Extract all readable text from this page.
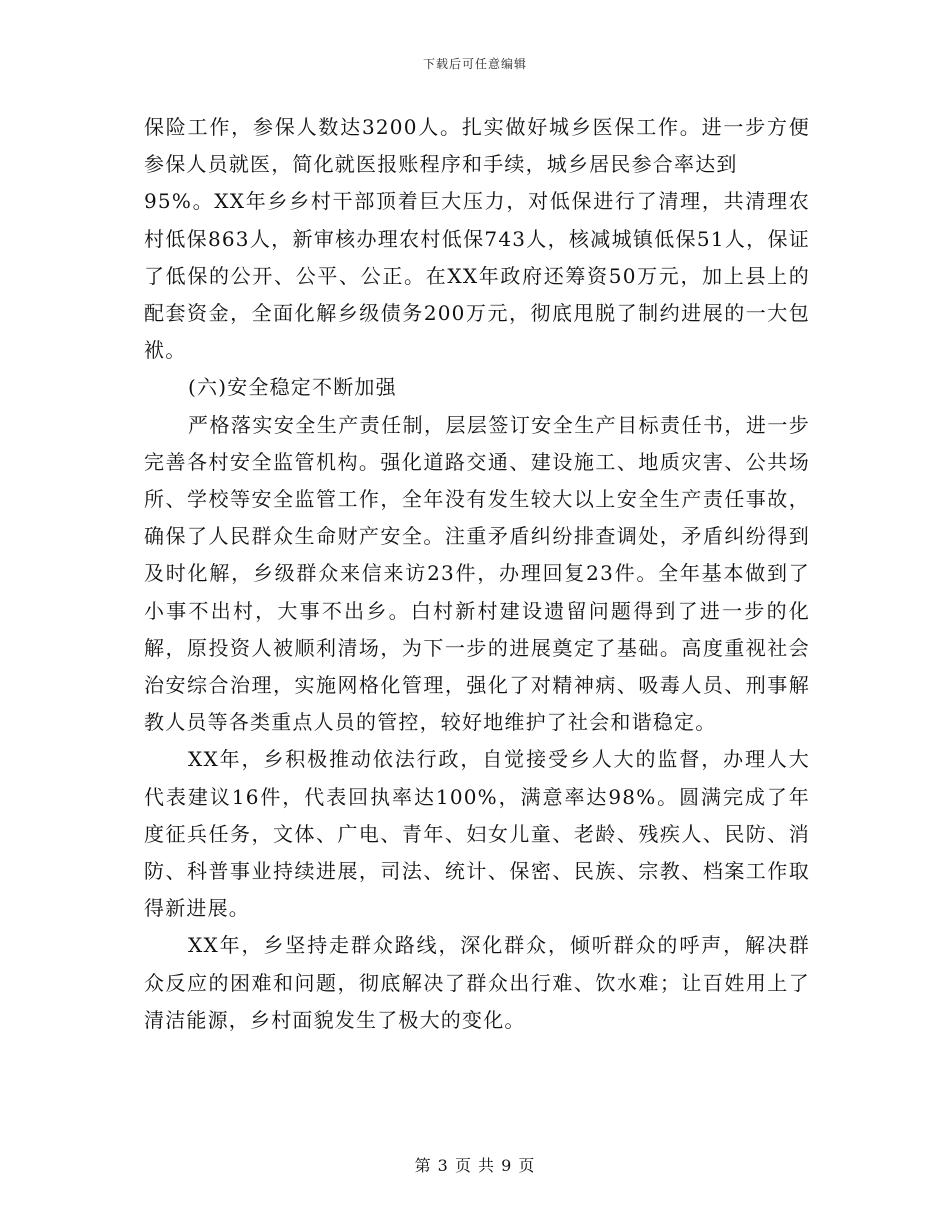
下载后可任意编辑

保险工作，参保人数达3200人。扎实做好城乡医保工作。进一步方便参保人员就医，简化就医报账程序和手续，城乡居民参合率达到
95%。XX年乡乡村干部顶着巨大压力，对低保进行了清理，共清理农村低保863人，新审核办理农村低保743人，核减城镇低保51人，保证了低保的公开、公平、公正。在XX年政府还筹资50万元，加上县上的配套资金，全面化解乡级债务200万元，彻底甩脱了制约进展的一大包袱。

(六)安全稳定不断加强

严格落实安全生产责任制，层层签订安全生产目标责任书，进一步完善各村安全监管机构。强化道路交通、建设施工、地质灾害、公共场所、学校等安全监管工作，全年没有发生较大以上安全生产责任事故，确保了人民群众生命财产安全。注重矛盾纠纷排查调处，矛盾纠纷得到及时化解，乡级群众来信来访23件，办理回复23件。全年基本做到了小事不出村，大事不出乡。白村新村建设遗留问题得到了进一步的化解，原投资人被顺利清场，为下一步的进展奠定了基础。高度重视社会治安综合治理，实施网格化管理，强化了对精神病、吸毒人员、刑事解教人员等各类重点人员的管控，较好地维护了社会和谐稳定。

XX年，乡积极推动依法行政，自觉接受乡人大的监督，办理人大代表建议16件，代表回执率达100%，满意率达98%。圆满完成了年度征兵任务，文体、广电、青年、妇女儿童、老龄、残疾人、民防、消防、科普事业持续进展，司法、统计、保密、民族、宗教、档案工作取得新进展。

XX年，乡坚持走群众路线，深化群众，倾听群众的呼声，解决群众反应的困难和问题，彻底解决了群众出行难、饮水难；让百姓用上了清洁能源，乡村面貌发生了极大的变化。

第 3 页 共 9 页
